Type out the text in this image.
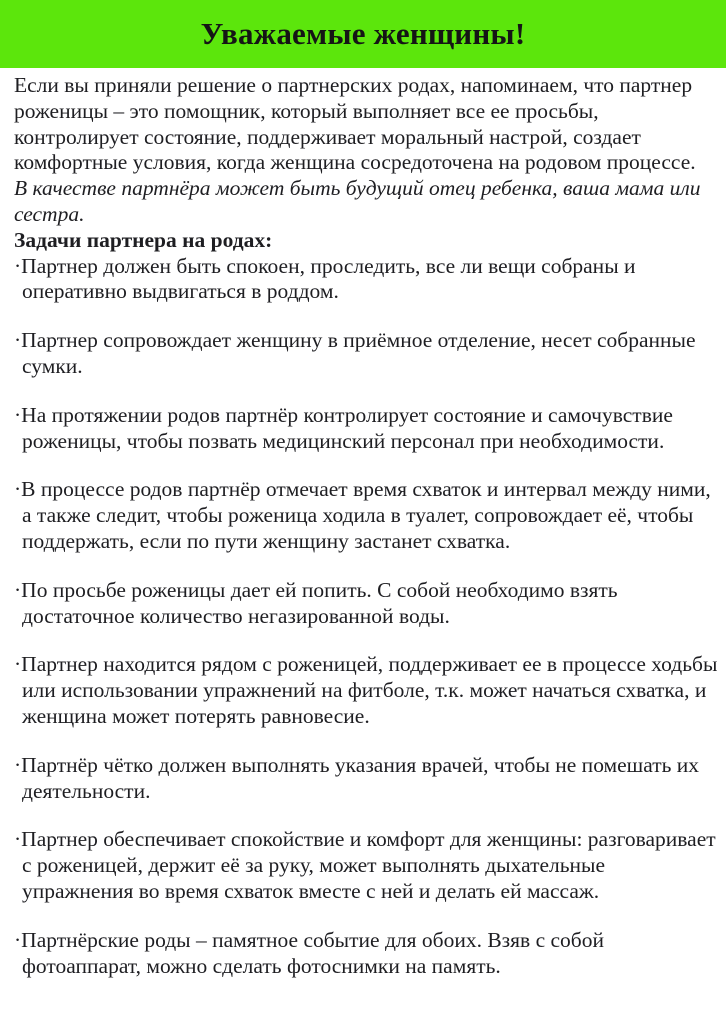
Уважаемые женщины!

Если вы приняли решение о партнерских родах, напоминаем, что партнер роженицы – это помощник, который выполняет все ее просьбы, контролирует состояние, поддерживает моральный настрой, создает комфортные условия, когда женщина сосредоточена на родовом процессе.

В качестве партнёра может быть будущий отец ребенка, ваша мама или сестра.

Задачи партнера на родах:

·Партнер должен быть спокоен, проследить, все ли вещи собраны и оперативно выдвигаться в роддом.

·Партнер сопровождает женщину в приёмное отделение, несет собранные сумки.

·На протяжении родов партнёр контролирует состояние и самочувствие роженицы, чтобы позвать медицинский персонал при необходимости.

·В процессе родов партнёр отмечает время схваток и интервал между ними, а также следит, чтобы роженица ходила в туалет, сопровождает её, чтобы поддержать, если по пути женщину застанет схватка.

·По просьбе роженицы дает ей попить. С собой необходимо взять достаточное количество негазированной воды.

·Партнер находится рядом с роженицей, поддерживает ее в процессе ходьбы или использовании упражнений на фитболе, т.к. может начаться схватка, и женщина может потерять равновесие.

·Партнёр чётко должен выполнять указания врачей, чтобы не помешать их деятельности.

·Партнер обеспечивает спокойствие и комфорт для женщины: разговаривает с роженицей, держит её за руку, может выполнять дыхательные упражнения во время схваток вместе с ней и делать ей массаж.

·Партнёрские роды – памятное событие для обоих. Взяв с собой фотоаппарат, можно сделать фотоснимки на память.
